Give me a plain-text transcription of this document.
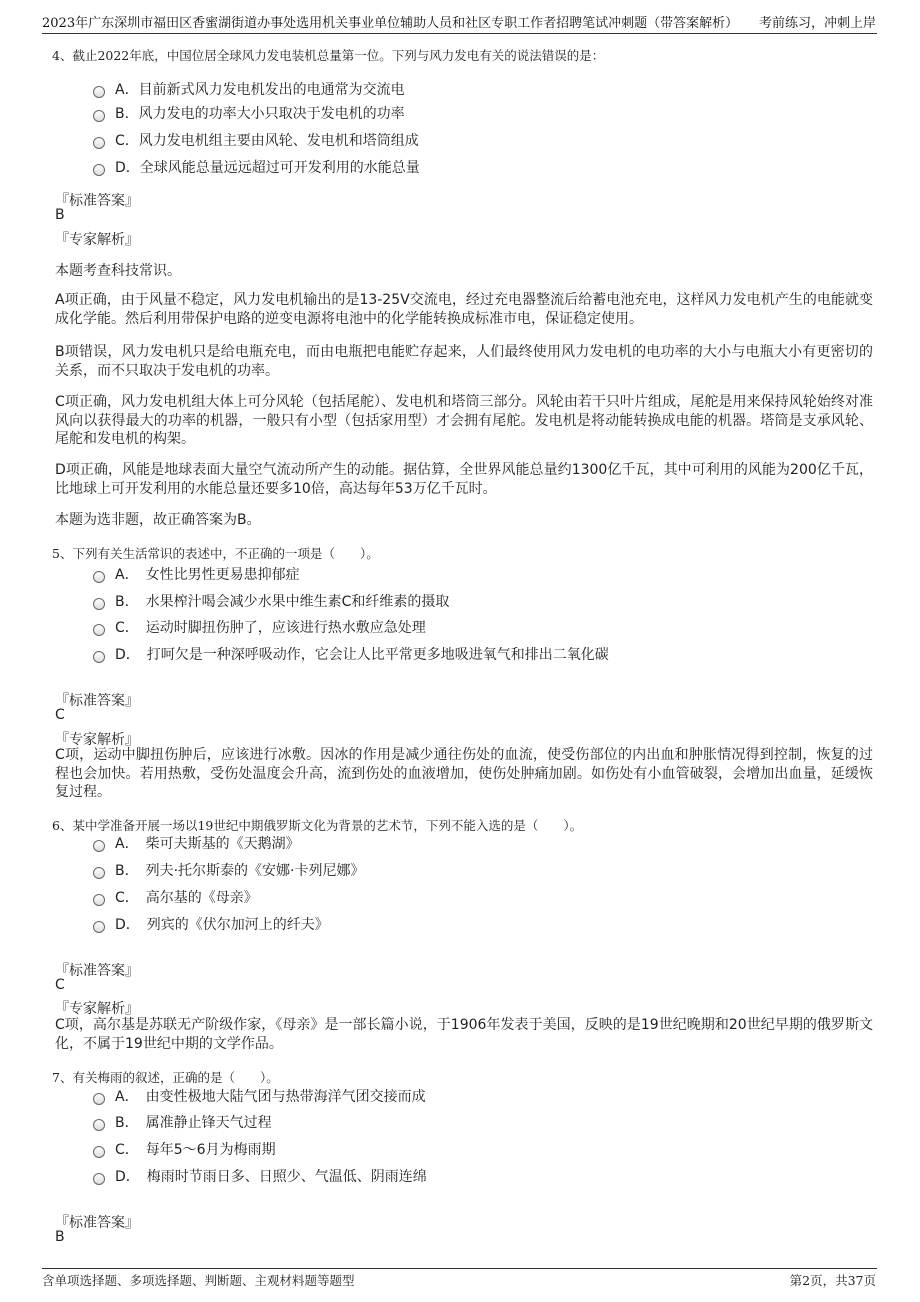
2023年广东深圳市福田区香蜜湖街道办事处选用机关事业单位辅助人员和社区专职工作者招聘笔试冲刺题（带答案解析） 考前练习，冲刺上岸
4、截止2022年底，中国位居全球风力发电装机总量第一位。下列与风力发电有关的说法错误的是：
A．目前新式风力发电机发出的电通常为交流电
B．风力发电的功率大小只取决于发电机的功率
C．风力发电机组主要由风轮、发电机和塔筒组成
D．全球风能总量远远超过可开发利用的水能总量
『标准答案』
B
『专家解析』
本题考查科技常识。
A项正确，由于风量不稳定，风力发电机输出的是13-25V交流电，经过充电器整流后给蓄电池充电，这样风力发电机产生的电能就变成化学能。然后利用带保护电路的逆变电源将电池中的化学能转换成标准市电，保证稳定使用。
B项错误，风力发电机只是给电瓶充电，而由电瓶把电能贮存起来，人们最终使用风力发电机的电功率的大小与电瓶大小有更密切的关系，而不只取决于发电机的功率。
C项正确，风力发电机组大体上可分风轮（包括尾舵）、发电机和塔筒三部分。风轮由若干只叶片组成，尾舵是用来保持风轮始终对准风向以获得最大的功率的机器，一般只有小型（包括家用型）才会拥有尾舵。发电机是将动能转换成电能的机器。塔筒是支承风轮、尾舵和发电机的构架。
D项正确，风能是地球表面大量空气流动所产生的动能。据估算，全世界风能总量约1300亿千瓦，其中可利用的风能为200亿千瓦，比地球上可开发利用的水能总量还要多10倍，高达每年53万亿千瓦时。
本题为选非题，故正确答案为B。
5、下列有关生活常识的表述中，不正确的一项是（　　）。
A．　女性比男性更易患抑郁症
B．　水果榨汁喝会减少水果中维生素C和纤维素的摄取
C．　运动时脚扭伤肿了，应该进行热水敷应急处理
D．　打呵欠是一种深呼吸动作，它会让人比平常更多地吸进氧气和排出二氧化碳
『标准答案』
C
『专家解析』
C项，运动中脚扭伤肿后，应该进行冰敷。因冰的作用是减少通往伤处的血流，使受伤部位的内出血和肿胀情况得到控制，恢复的过程也会加快。若用热敷，受伤处温度会升高，流到伤处的血液增加，使伤处肿痛加剧。如伤处有小血管破裂，会增加出血量，延缓恢复过程。
6、某中学准备开展一场以19世纪中期俄罗斯文化为背景的艺术节，下列不能入选的是（　　）。
A．　柴可夫斯基的《天鹅湖》
B．　列夫·托尔斯泰的《安娜·卡列尼娜》
C．　高尔基的《母亲》
D．　列宾的《伏尔加河上的纤夫》
『标准答案』
C
『专家解析』
C项，高尔基是苏联无产阶级作家，《母亲》是一部长篇小说，于1906年发表于美国，反映的是19世纪晚期和20世纪早期的俄罗斯文化，不属于19世纪中期的文学作品。
7、有关梅雨的叙述，正确的是（　　）。
A．　由变性极地大陆气团与热带海洋气团交接而成
B．　属准静止锋天气过程
C．　每年5～6月为梅雨期
D．　梅雨时节雨日多、日照少、气温低、阴雨连绵
『标准答案』
B
含单项选择题、多项选择题、判断题、主观材料题等题型	第2页，共37页
